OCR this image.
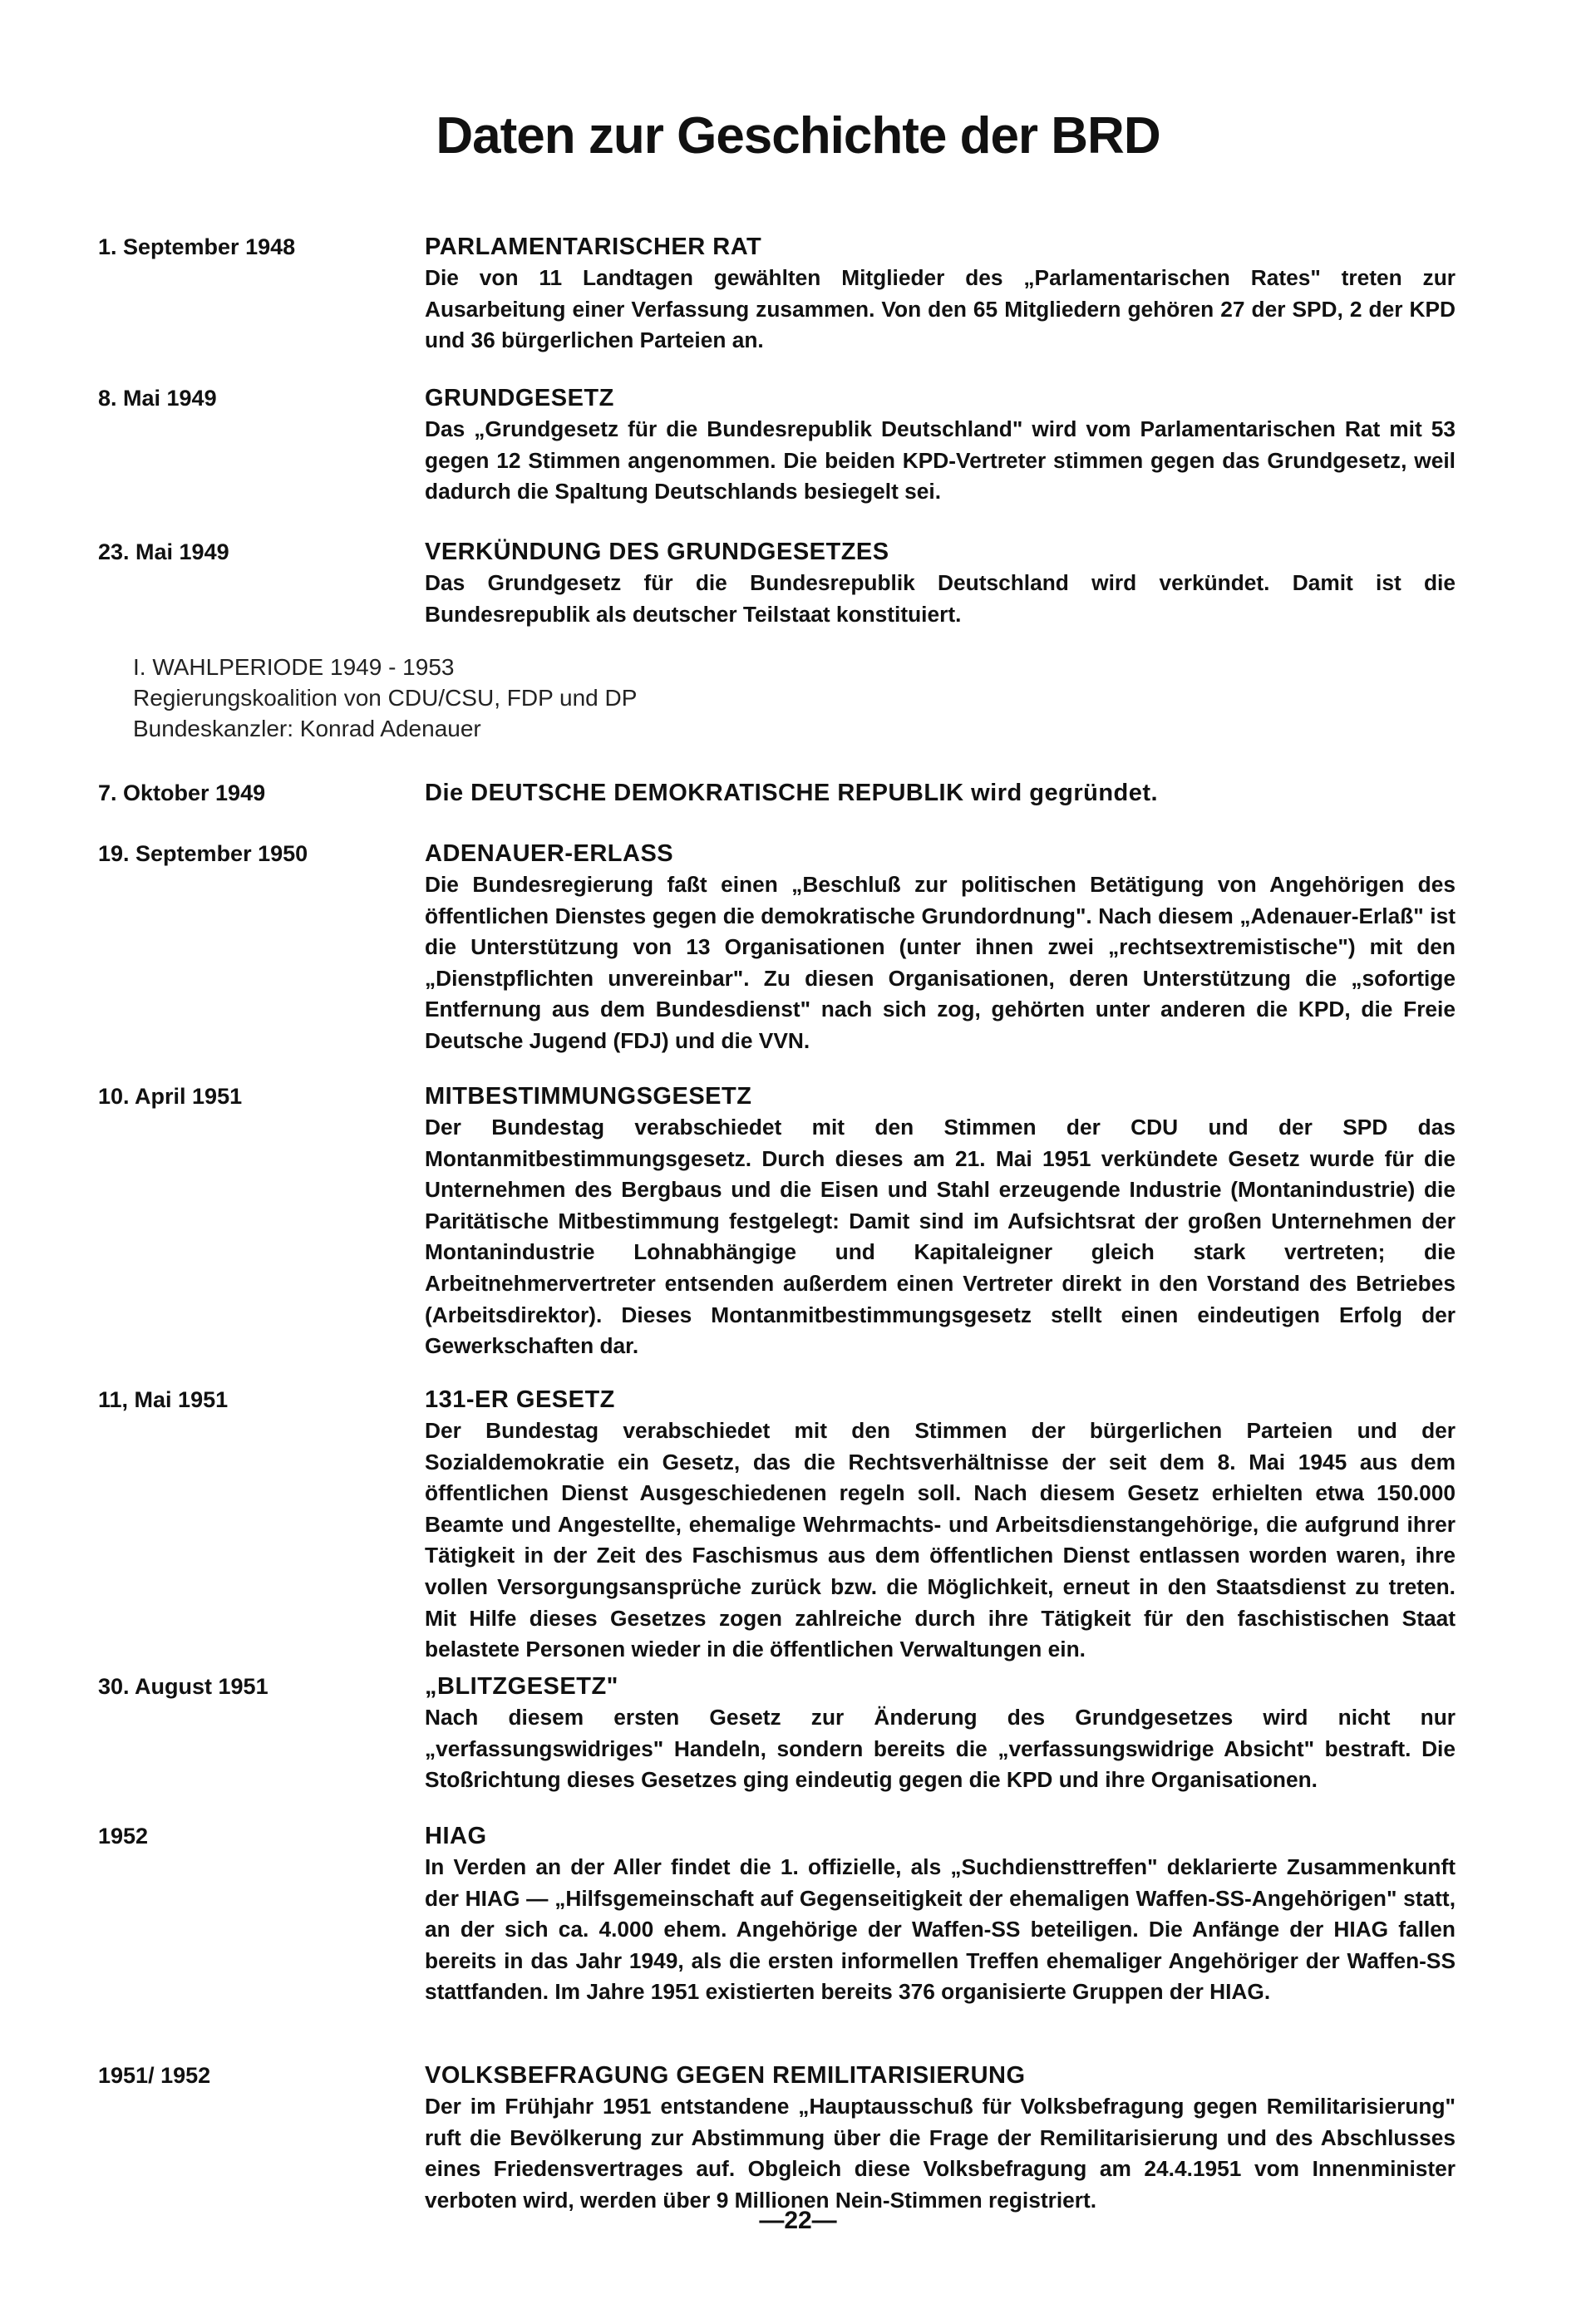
Daten zur Geschichte der BRD
1. September 1948	PARLAMENTARISCHER RAT

Die von 11 Landtagen gewählten Mitglieder des „Parlamentarischen Rates" treten zur Ausarbeitung einer Verfassung zusammen. Von den 65 Mitgliedern gehören 27 der SPD, 2 der KPD und 36 bürgerlichen Parteien an.

8. Mai 1949	GRUNDGESETZ

Das „Grundgesetz für die Bundesrepublik Deutschland" wird vom Parlamentarischen Rat mit 53 gegen 12 Stimmen angenommen. Die beiden KPD-Vertreter stimmen gegen das Grundgesetz, weil dadurch die Spaltung Deutschlands besiegelt sei.

23. Mai 1949	VERKÜNDUNG DES GRUNDGESETZES

Das Grundgesetz für die Bundesrepublik Deutschland wird verkündet. Damit ist die Bundesrepublik als deutscher Teilstaat konstituiert.

I. WAHLPERIODE 1949 - 1953
Regierungskoalition von CDU/CSU, FDP und DP
Bundeskanzler: Konrad Adenauer
7. Oktober 1949	Die DEUTSCHE DEMOKRATISCHE REPUBLIK wird gegründet.
19. September 1950	ADENAUER-ERLASS

Die Bundesregierung faßt einen „Beschluß zur politischen Betätigung von Angehörigen des öffentlichen Dienstes gegen die demokratische Grundordnung". Nach diesem „Adenauer-Erlaß" ist die Unterstützung von 13 Organisationen (unter ihnen zwei „rechtsextremistische") mit den „Dienstpflichten unvereinbar". Zu diesen Organisationen, deren Unterstützung die „sofortige Entfernung aus dem Bundesdienst" nach sich zog, gehörten unter anderen die KPD, die Freie Deutsche Jugend (FDJ) und die VVN.

10. April 1951	MITBESTIMMUNGSGESETZ

Der Bundestag verabschiedet mit den Stimmen der CDU und der SPD das Montanmitbestimmungsgesetz. Durch dieses am 21. Mai 1951 verkündete Gesetz wurde für die Unternehmen des Bergbaus und die Eisen und Stahl erzeugende Industrie (Montanindustrie) die Paritätische Mitbestimmung festgelegt: Damit sind im Aufsichtsrat der großen Unternehmen der Montanindustrie Lohnabhängige und Kapitaleigner gleich stark vertreten; die Arbeitnehmervertreter entsenden außerdem einen Vertreter direkt in den Vorstand des Betriebes (Arbeitsdirektor). Dieses Montanmitbestimmungsgesetz stellt einen eindeutigen Erfolg der Gewerkschaften dar.

11, Mai 1951	131-ER GESETZ

Der Bundestag verabschiedet mit den Stimmen der bürgerlichen Parteien und der Sozialdemokratie ein Gesetz, das die Rechtsverhältnisse der seit dem 8. Mai 1945 aus dem öffentlichen Dienst Ausgeschiedenen regeln soll. Nach diesem Gesetz erhielten etwa 150.000 Beamte und Angestellte, ehemalige Wehrmachts- und Arbeitsdienstangehörige, die aufgrund ihrer Tätigkeit in der Zeit des Faschismus aus dem öffentlichen Dienst entlassen worden waren, ihre vollen Versorgungsansprüche zurück bzw. die Möglichkeit, erneut in den Staatsdienst zu treten. Mit Hilfe dieses Gesetzes zogen zahlreiche durch ihre Tätigkeit für den faschistischen Staat belastete Personen wieder in die öffentlichen Verwaltungen ein.

30. August 1951	„BLITZGESETZ"

Nach diesem ersten Gesetz zur Änderung des Grundgesetzes wird nicht nur „verfassungswidriges" Handeln, sondern bereits die „verfassungswidrige Absicht" bestraft. Die Stoßrichtung dieses Gesetzes ging eindeutig gegen die KPD und ihre Organisationen.

1952	HIAG

In Verden an der Aller findet die 1. offizielle, als „Suchdiensttreffen" deklarierte Zusammenkunft der HIAG — „Hilfsgemeinschaft auf Gegenseitigkeit der ehemaligen Waffen-SS-Angehörigen" statt, an der sich ca. 4.000 ehem. Angehörige der Waffen-SS beteiligen. Die Anfänge der HIAG fallen bereits in das Jahr 1949, als die ersten informellen Treffen ehemaliger Angehöriger der Waffen-SS stattfanden. Im Jahre 1951 existierten bereits 376 organisierte Gruppen der HIAG.

1951/ 1952	VOLKSBEFRAGUNG GEGEN REMILITARISIERUNG

Der im Frühjahr 1951 entstandene „Hauptausschuß für Volksbefragung gegen Remilitarisierung" ruft die Bevölkerung zur Abstimmung über die Frage der Remilitarisierung und des Abschlusses eines Friedensvertrages auf. Obgleich diese Volksbefragung am 24.4.1951 vom Innenminister verboten wird, werden über 9 Millionen Nein-Stimmen registriert.

—22—
